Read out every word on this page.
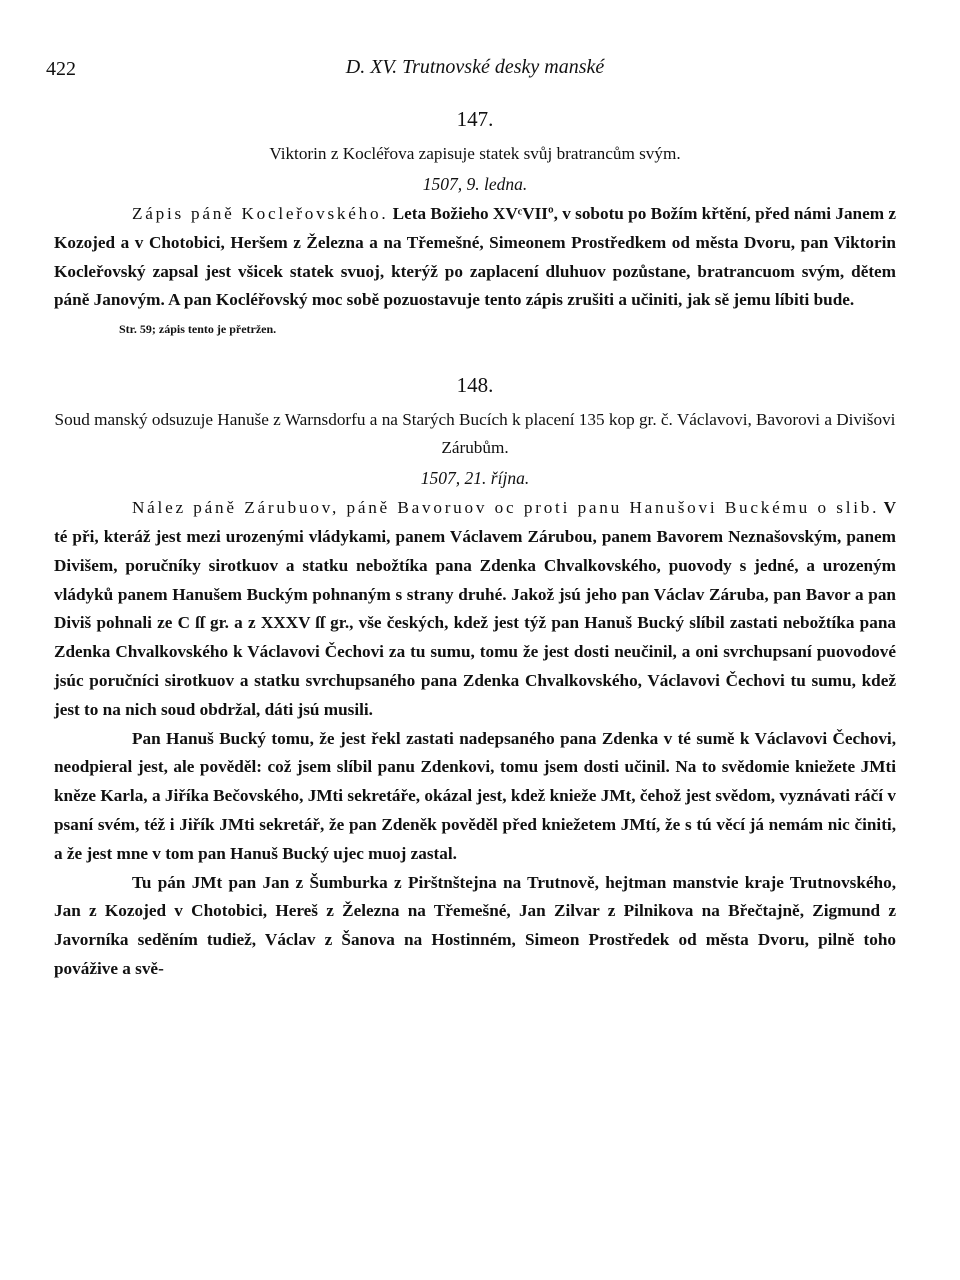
422	D. XV. Trutnovské desky manské
147.
Viktorin z Kocléřova zapisuje statek svůj bratrancům svým.
1507, 9. ledna.

Zápis páně Kocleřovského. Leta Božieho XVᶜVIIº, v sobotu po Božím křtění, před námi Janem z Kozojed a v Chotobici, Heršem z Železna a na Třemešné, Simeonem Prostředkem od města Dvoru, pan Viktorin Kocleřovský zapsal jest všicek statek svuoj, kterýž po zaplacení dluhuov pozůstane, bratrancuom svým, dětem páně Janovým. A pan Kocléřovský moc sobě pozuostavuje tento zápis zrušiti a učiniti, jak sě jemu líbiti bude.

Str. 59; zápis tento je přetržen.
148.
Soud manský odsuzuje Hanuše z Warnsdorfu a na Starých Bucích k placení 135 kop gr. č. Václavovi, Bavorovi a Divišovi Zárubům.
1507, 21. října.

Nález páně Zárubuov, páně Bavoruov oc proti panu Hanušovi Buckému o slib. V té při, kteráž jest mezi urozenými vládykami, panem Václavem Zárubou, panem Bavorem Neznašovským, panem Divišem, poručníky sirotkuov a statku nebožtíka pana Zdenka Chvalkovského, puovody s jedné, a urozeným vládyků panem Hanušem Buckým pohnaným s strany druhé. Jakož jsú jeho pan Václav Záruba, pan Bavor a pan Diviš pohnali ze C ſſ gr. a z XXXV ſſ gr., vše českých, kdež jest týž pan Hanuš Bucký slíbil zastati nebožtíka pana Zdenka Chvalkovského k Václavovi Čechovi za tu sumu, tomu že jest dosti neučinil, a oni svrchupsaní puovodové jsúc poručníci sirotkuov a statku svrchupsaného pana Zdenka Chvalkovského, Václavovi Čechovi tu sumu, kdež jest to na nich soud obdržal, dáti jsú musili.

Pan Hanuš Bucký tomu, že jest řekl zastati nadepsaného pana Zdenka v té sumě k Václavovi Čechovi, neodpieral jest, ale pověděl: což jsem slíbil panu Zdenkovi, tomu jsem dosti učinil. Na to svědomie kniežete JMti kněze Karla, a Jiříka Bečovského, JMti sekretáře, okázal jest, kdež knieže JMt, čehož jest svědom, vyznávati ráčí v psaní svém, též i Jiřík JMti sekretář, že pan Zdeněk pověděl před kniežetem JMtí, že s tú věcí já nemám nic činiti, a že jest mne v tom pan Hanuš Bucký ujec muoj zastal.

Tu pán JMt pan Jan z Šumburka z Pirštnštejna na Trutnově, hejtman manstvie kraje Trutnovského, Jan z Kozojed v Chotobici, Hereš z Železna na Třemešné, Jan Zilvar z Pilnikova na Břečtajně, Zigmund z Javorníka seděním tudiež, Václav z Šanova na Hostinném, Simeon Prostředek od města Dvoru, pilně toho povážive a svě-
